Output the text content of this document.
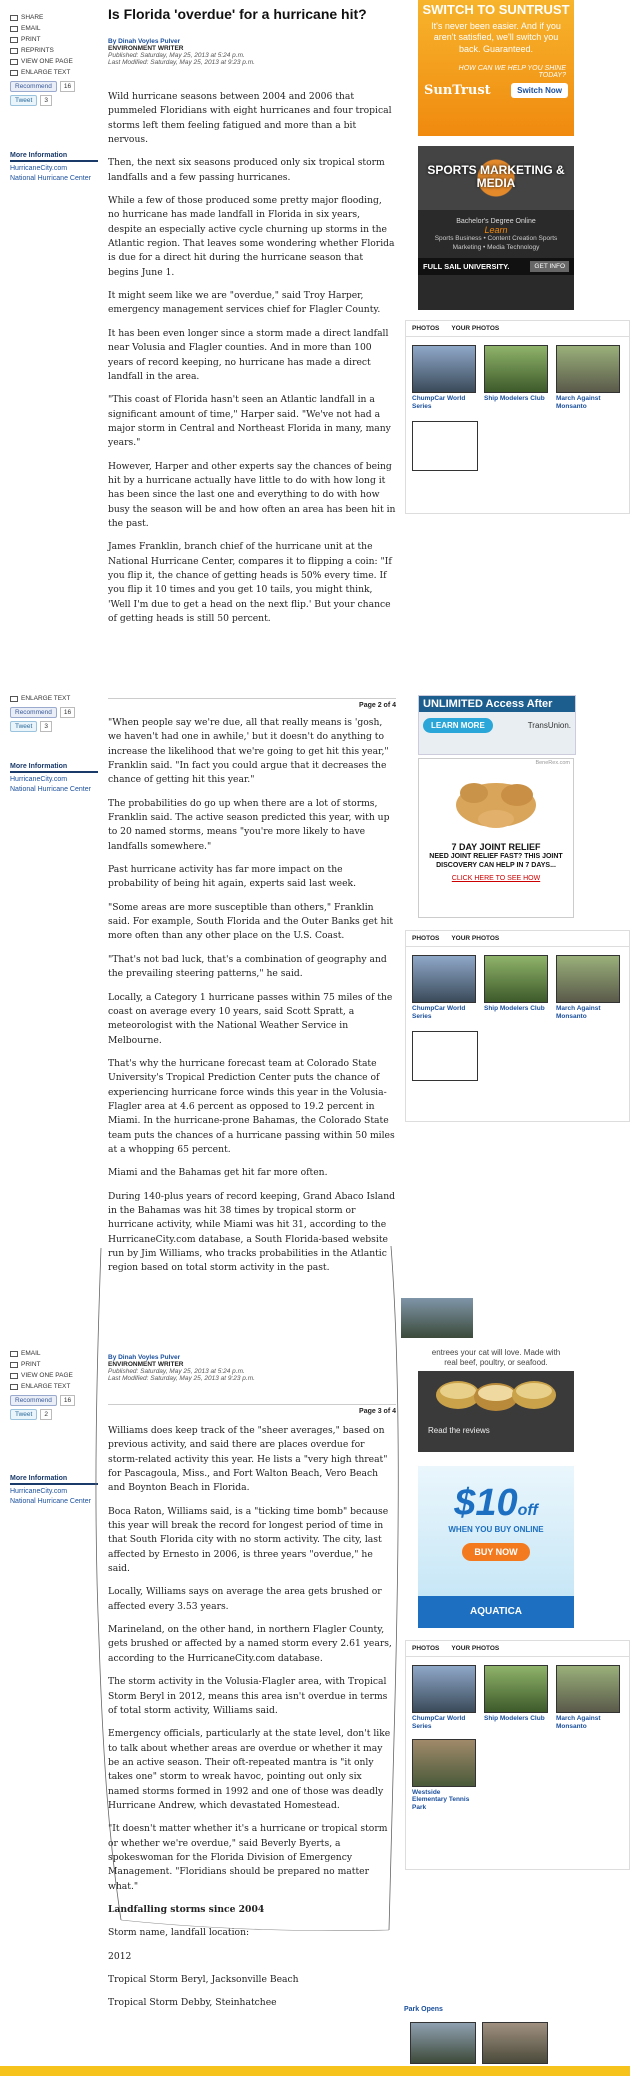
SHARE
EMAIL
PRINT
REPRINTS
VIEW ONE PAGE
ENLARGE TEXT
Recommend	16
Tweet	3
More Information
HurricaneCity.com
National Hurricane Center
ENLARGE TEXT
Recommend	16
Tweet	3
More Information
HurricaneCity.com
National Hurricane Center
EMAIL
PRINT
VIEW ONE PAGE
ENLARGE TEXT
Recommend	16
Tweet	2
More Information
HurricaneCity.com
National Hurricane Center
Is Florida 'overdue' for a hurricane hit?
By Dinah Voyles Pulver
ENVIRONMENT WRITER
Published: Saturday, May 25, 2013 at 5:24 p.m.
Last Modified: Saturday, May 25, 2013 at 9:23 p.m.

Wild hurricane seasons between 2004 and 2006 that pummeled Floridians with eight hurricanes and four tropical storms left them feeling fatigued and more than a bit nervous.

Then, the next six seasons produced only six tropical storm landfalls and a few passing hurricanes.

While a few of those produced some pretty major flooding, no hurricane has made landfall in Florida in six years, despite an especially active cycle churning up storms in the Atlantic region. That leaves some wondering whether Florida is due for a direct hit during the hurricane season that begins June 1.

It might seem like we are "overdue," said Troy Harper, emergency management services chief for Flagler County.

It has been even longer since a storm made a direct landfall near Volusia and Flagler counties. And in more than 100 years of record keeping, no hurricane has made a direct landfall in the area.

"This coast of Florida hasn't seen an Atlantic landfall in a significant amount of time," Harper said. "We've not had a major storm in Central and Northeast Florida in many, many years."

However, Harper and other experts say the chances of being hit by a hurricane actually have little to do with how long it has been since the last one and everything to do with how busy the season will be and how often an area has been hit in the past.

James Franklin, branch chief of the hurricane unit at the National Hurricane Center, compares it to flipping a coin: "If you flip it, the chance of getting heads is 50% every time. If you flip it 10 times and you get 10 tails, you might think, 'Well I'm due to get a head on the next flip.' But your chance of getting heads is still 50 percent.

Page 2 of 4

"When people say we're due, all that really means is 'gosh, we haven't had one in awhile,' but it doesn't do anything to increase the likelihood that we're going to get hit this year," Franklin said. "In fact you could argue that it decreases the chance of getting hit this year."

The probabilities do go up when there are a lot of storms, Franklin said. The active season predicted this year, with up to 20 named storms, means "you're more likely to have landfalls somewhere."

Past hurricane activity has far more impact on the probability of being hit again, experts said last week.

"Some areas are more susceptible than others," Franklin said. For example, South Florida and the Outer Banks get hit more often than any other place on the U.S. Coast.

"That's not bad luck, that's a combination of geography and the prevailing steering patterns," he said.

Locally, a Category 1 hurricane passes within 75 miles of the coast on average every 10 years, said Scott Spratt, a meteorologist with the National Weather Service in Melbourne.

That's why the hurricane forecast team at Colorado State University's Tropical Prediction Center puts the chance of experiencing hurricane force winds this year in the Volusia-Flagler area at 4.6 percent as opposed to 19.2 percent in Miami. In the hurricane-prone Bahamas, the Colorado State team puts the chances of a hurricane passing within 50 miles at a whopping 65 percent.

Miami and the Bahamas get hit far more often.

During 140-plus years of record keeping, Grand Abaco Island in the Bahamas was hit 38 times by tropical storm or hurricane activity, while Miami was hit 31, according to the HurricaneCity.com database, a South Florida-based website run by Jim Williams, who tracks probabilities in the Atlantic region based on total storm activity in the past.

By Dinah Voyles Pulver
ENVIRONMENT WRITER
Published: Saturday, May 25, 2013 at 5:24 p.m.
Last Modified: Saturday, May 25, 2013 at 9:23 p.m.
Page 3 of 4

Williams does keep track of the "sheer averages," based on previous activity, and said there are places overdue for storm-related activity this year. He lists a "very high threat" for Pascagoula, Miss., and Fort Walton Beach, Vero Beach and Boynton Beach in Florida.

Boca Raton, Williams said, is a "ticking time bomb" because this year will break the record for longest period of time in that South Florida city with no storm activity. The city, last affected by Ernesto in 2006, is three years "overdue," he said.

Locally, Williams says on average the area gets brushed or affected every 3.53 years.

Marineland, on the other hand, in northern Flagler County, gets brushed or affected by a named storm every 2.61 years, according to the HurricaneCity.com database.

The storm activity in the Volusia-Flagler area, with Tropical Storm Beryl in 2012, means this area isn't overdue in terms of total storm activity, Williams said.

Emergency officials, particularly at the state level, don't like to talk about whether areas are overdue or whether it may be an active season. Their oft-repeated mantra is "it only takes one" storm to wreak havoc, pointing out only six named storms formed in 1992 and one of those was deadly Hurricane Andrew, which devastated Homestead.

"It doesn't matter whether it's a hurricane or tropical storm or whether we're overdue," said Beverly Byerts, a spokeswoman for the Florida Division of Emergency Management. "Floridians should be prepared no matter what."

Landfalling storms since 2004

Storm name, landfall location:

2012

Tropical Storm Beryl, Jacksonville Beach

Tropical Storm Debby, Steinhatchee

SWITCH TO SUNTRUST
It's never been easier. And if you aren't satisfied, we'll switch you back. Guaranteed.
HOW CAN WE HELP YOU SHINE TODAY?
SunTrust	Switch Now
SPORTS MARKETING & MEDIA
Bachelor's Degree Online
Learn
Sports Business • Content Creation Sports Marketing • Media Technology
FULL SAIL UNIVERSITY.	GET INFO
PHOTOS YOUR PHOTOS
ChumpCar World Series
Ship Modelers Club	March Against Monsanto
UNLIMITED Access After
LEARN MORE	TransUnion.
BeneRex.com
7 DAY JOINT RELIEF
NEED JOINT RELIEF FAST? THIS JOINT DISCOVERY CAN HELP IN 7 DAYS...
CLICK HERE TO SEE HOW
PHOTOS YOUR PHOTOS
ChumpCar World Series
Ship Modelers Club	March Against Monsanto
entrees your cat will love. Made with real beef, poultry, or seafood.
Read the reviews
$10off
WHEN YOU BUY ONLINE
BUY NOW
AQUATICA
PHOTOS YOUR PHOTOS
ChumpCar World Series
Ship Modelers Club	March Against Monsanto
Westside Elementary Tennis Park
Park Opens
